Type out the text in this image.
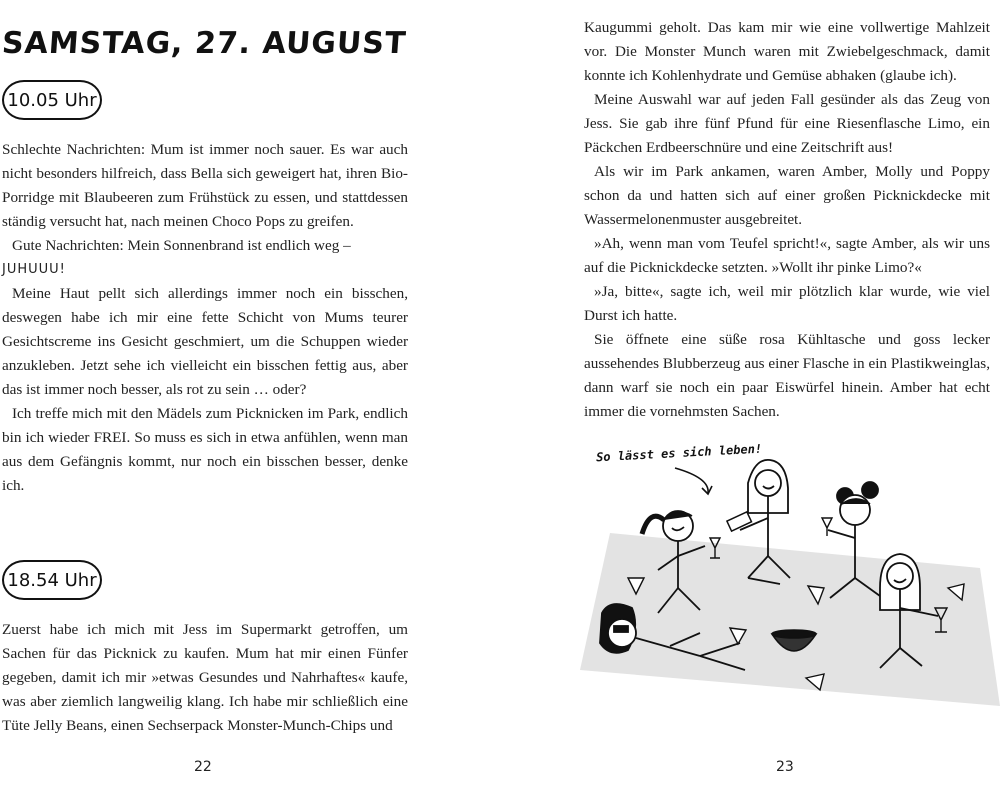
SAMSTAG, 27. AUGUST
10.05 Uhr

Schlechte Nachrichten: Mum ist immer noch sauer. Es war auch nicht besonders hilfreich, dass Bella sich geweigert hat, ihren Bio-Porridge mit Blaubeeren zum Frühstück zu essen, und stattdessen ständig versucht hat, nach meinen Choco Pops zu greifen.

Gute Nachrichten: Mein Sonnenbrand ist endlich weg –

JUHUUU!

Meine Haut pellt sich allerdings immer noch ein bisschen, deswegen habe ich mir eine fette Schicht von Mums teurer Gesichtscreme ins Gesicht geschmiert, um die Schuppen wieder anzukleben. Jetzt sehe ich vielleicht ein bisschen fettig aus, aber das ist immer noch besser, als rot zu sein … oder?

Ich treffe mich mit den Mädels zum Picknicken im Park, endlich bin ich wieder FREI. So muss es sich in etwa anfühlen, wenn man aus dem Gefängnis kommt, nur noch ein bisschen besser, denke ich.

18.54 Uhr

Zuerst habe ich mich mit Jess im Supermarkt getroffen, um Sachen für das Picknick zu kaufen. Mum hat mir einen Fünfer gegeben, damit ich mir »etwas Gesundes und Nahrhaftes« kaufe, was aber ziemlich langweilig klang. Ich habe mir schließlich eine Tüte Jelly Beans, einen Sechserpack Monster-Munch-Chips und

22

Kaugummi geholt. Das kam mir wie eine vollwertige Mahlzeit vor. Die Monster Munch waren mit Zwiebelgeschmack, damit konnte ich Kohlenhydrate und Gemüse abhaken (glaube ich).

Meine Auswahl war auf jeden Fall gesünder als das Zeug von Jess. Sie gab ihre fünf Pfund für eine Riesenflasche Limo, ein Päckchen Erdbeerschnüre und eine Zeitschrift aus!

Als wir im Park ankamen, waren Amber, Molly und Poppy schon da und hatten sich auf einer großen Picknickdecke mit Wassermelonenmuster ausgebreitet.

»Ah, wenn man vom Teufel spricht!«, sagte Amber, als wir uns auf die Picknickdecke setzten. »Wollt ihr pinke Limo?«

»Ja, bitte«, sagte ich, weil mir plötzlich klar wurde, wie viel Durst ich hatte.

Sie öffnete eine süße rosa Kühltasche und goss lecker aussehendes Blubberzeug aus einer Flasche in ein Plastikweinglas, dann warf sie noch ein paar Eiswürfel hinein. Amber hat echt immer die vornehmsten Sachen.

So lässt es sich leben!
23
